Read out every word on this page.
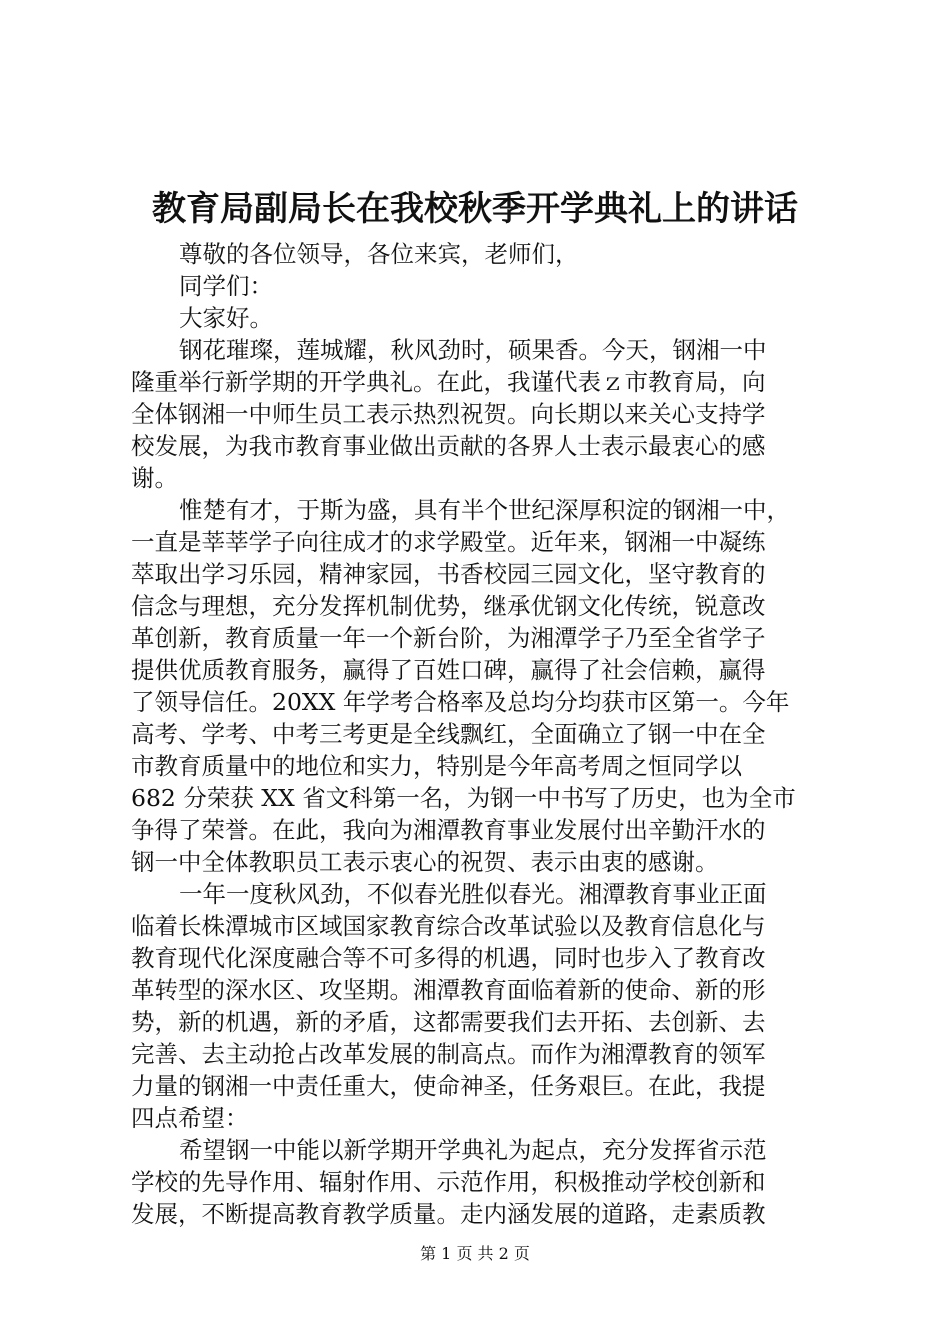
教育局副局长在我校秋季开学典礼上的讲话

尊敬的各位领导，各位来宾，老师们，

同学们：

大家好。

钢花璀璨，莲城耀，秋风劲时，硕果香。今天，钢湘一中

隆重举行新学期的开学典礼。在此，我谨代表ｚ市教育局，向

全体钢湘一中师生员工表示热烈祝贺。向长期以来关心支持学

校发展，为我市教育事业做出贡献的各界人士表示最衷心的感

谢。

惟楚有才，于斯为盛，具有半个世纪深厚积淀的钢湘一中，

一直是莘莘学子向往成才的求学殿堂。近年来，钢湘一中凝练

萃取出学习乐园，精神家园，书香校园三园文化，坚守教育的

信念与理想，充分发挥机制优势，继承优钢文化传统，锐意改

革创新，教育质量一年一个新台阶，为湘潭学子乃至全省学子

提供优质教育服务，赢得了百姓口碑，赢得了社会信赖，赢得

了领导信任。20XX 年学考合格率及总均分均获市区第一。今年

高考、学考、中考三考更是全线飘红，全面确立了钢一中在全

市教育质量中的地位和实力，特别是今年高考周之恒同学以

682 分荣获 XX 省文科第一名，为钢一中书写了历史，也为全市

争得了荣誉。在此，我向为湘潭教育事业发展付出辛勤汗水的

钢一中全体教职员工表示衷心的祝贺、表示由衷的感谢。

一年一度秋风劲，不似春光胜似春光。湘潭教育事业正面

临着长株潭城市区域国家教育综合改革试验以及教育信息化与

教育现代化深度融合等不可多得的机遇，同时也步入了教育改

革转型的深水区、攻坚期。湘潭教育面临着新的使命、新的形

势，新的机遇，新的矛盾，这都需要我们去开拓、去创新、去

完善、去主动抢占改革发展的制高点。而作为湘潭教育的领军

力量的钢湘一中责任重大，使命神圣，任务艰巨。在此，我提

四点希望：

希望钢一中能以新学期开学典礼为起点，充分发挥省示范

学校的先导作用、辐射作用、示范作用，积极推动学校创新和

发展，不断提高教育教学质量。走内涵发展的道路，走素质教

第 1 页 共 2 页
